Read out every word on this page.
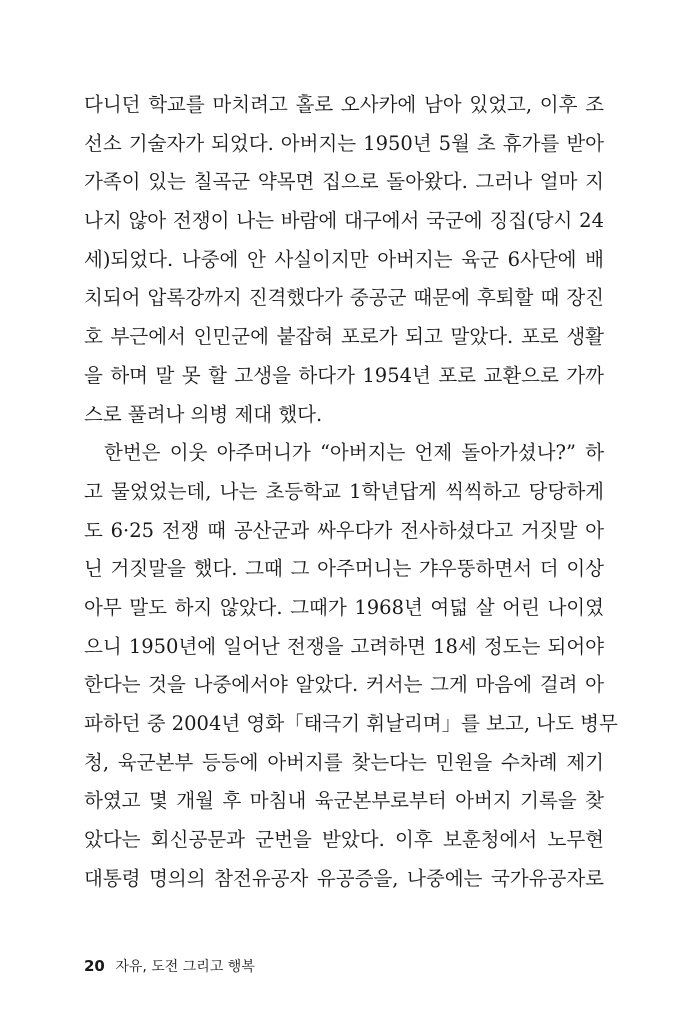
다니던 학교를 마치려고 홀로 오사카에 남아 있었고, 이후 조
선소 기술자가 되었다. 아버지는 1950년 5월 초 휴가를 받아
가족이 있는 칠곡군 약목면 집으로 돌아왔다. 그러나 얼마 지
나지 않아 전쟁이 나는 바람에 대구에서 국군에 징집(당시 24
세)되었다. 나중에 안 사실이지만 아버지는 육군 6사단에 배
치되어 압록강까지 진격했다가 중공군 때문에 후퇴할 때 장진
호 부근에서 인민군에 붙잡혀 포로가 되고 말았다. 포로 생활
을 하며 말 못 할 고생을 하다가 1954년 포로 교환으로 가까
스로 풀려나 의병 제대 했다.
한번은 이웃 아주머니가 “아버지는 언제 돌아가셨나?” 하
고 물었었는데, 나는 초등학교 1학년답게 씩씩하고 당당하게
도 6·25 전쟁 때 공산군과 싸우다가 전사하셨다고 거짓말 아
닌 거짓말을 했다. 그때 그 아주머니는 갸우뚱하면서 더 이상
아무 말도 하지 않았다. 그때가 1968년 여덟 살 어린 나이였
으니 1950년에 일어난 전쟁을 고려하면 18세 정도는 되어야
한다는 것을 나중에서야 알았다. 커서는 그게 마음에 걸려 아
파하던 중 2004년 영화「태극기 휘날리며」를 보고, 나도 병무
청, 육군본부 등등에 아버지를 찾는다는 민원을 수차례 제기
하였고 몇 개월 후 마침내 육군본부로부터 아버지 기록을 찾
았다는 회신공문과 군번을 받았다. 이후 보훈청에서 노무현
대통령 명의의 참전유공자 유공증을, 나중에는 국가유공자로
20 자유, 도전 그리고 행복
